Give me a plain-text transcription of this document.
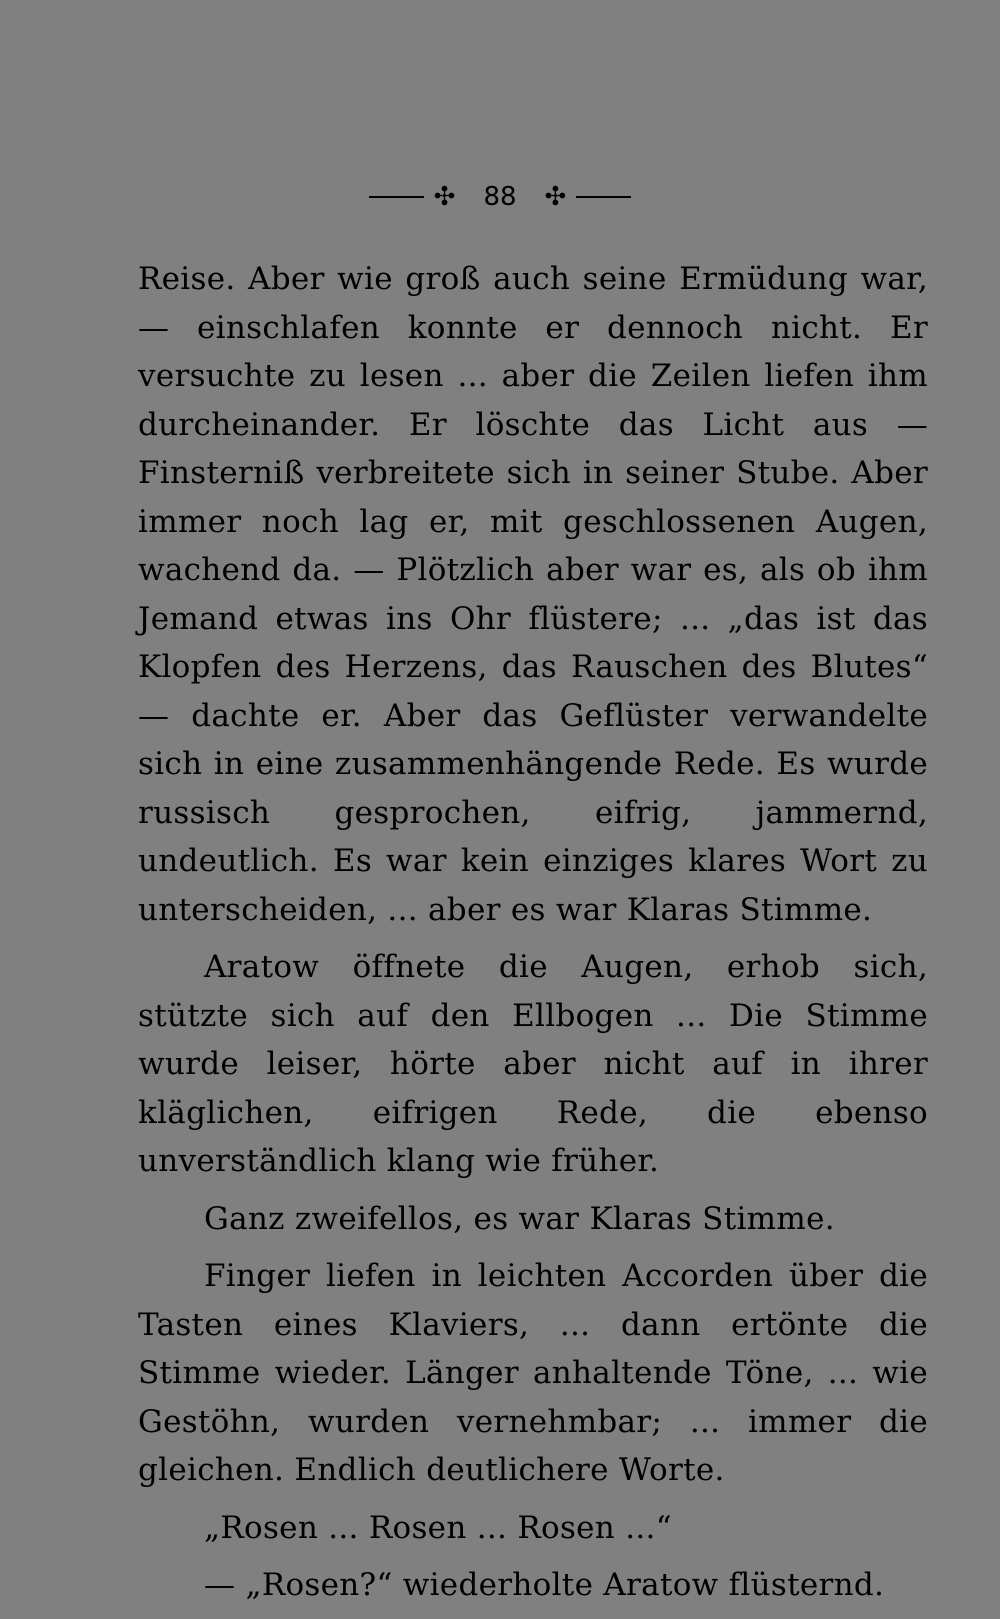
✣ 88 ✣

Reise. Aber wie groß auch seine Ermüdung war, — einschlafen konnte er dennoch nicht. Er versuchte zu lesen ... aber die Zeilen liefen ihm durcheinander. Er löschte das Licht aus — Finsterniß verbreitete sich in seiner Stube. Aber immer noch lag er, mit geschlossenen Augen, wachend da. — Plötzlich aber war es, als ob ihm Jemand etwas ins Ohr flüstere; ... „das ist das Klopfen des Herzens, das Rauschen des Blutes“ — dachte er. Aber das Geflüster verwandelte sich in eine zusammenhängende Rede. Es wurde russisch gesprochen, eifrig, jammernd, undeutlich. Es war kein einziges klares Wort zu unterscheiden, ... aber es war Klaras Stimme.

Aratow öffnete die Augen, erhob sich, stützte sich auf den Ellbogen ... Die Stimme wurde leiser, hörte aber nicht auf in ihrer kläglichen, eifrigen Rede, die ebenso unverständlich klang wie früher.

Ganz zweifellos, es war Klaras Stimme.

Finger liefen in leichten Accorden über die Tasten eines Klaviers, ... dann ertönte die Stimme wieder. Länger anhaltende Töne, ... wie Gestöhn, wurden vernehmbar; ... immer die gleichen. Endlich deutlichere Worte.

„Rosen ... Rosen ... Rosen ...“

— „Rosen?“ wiederholte Aratow flüsternd.
